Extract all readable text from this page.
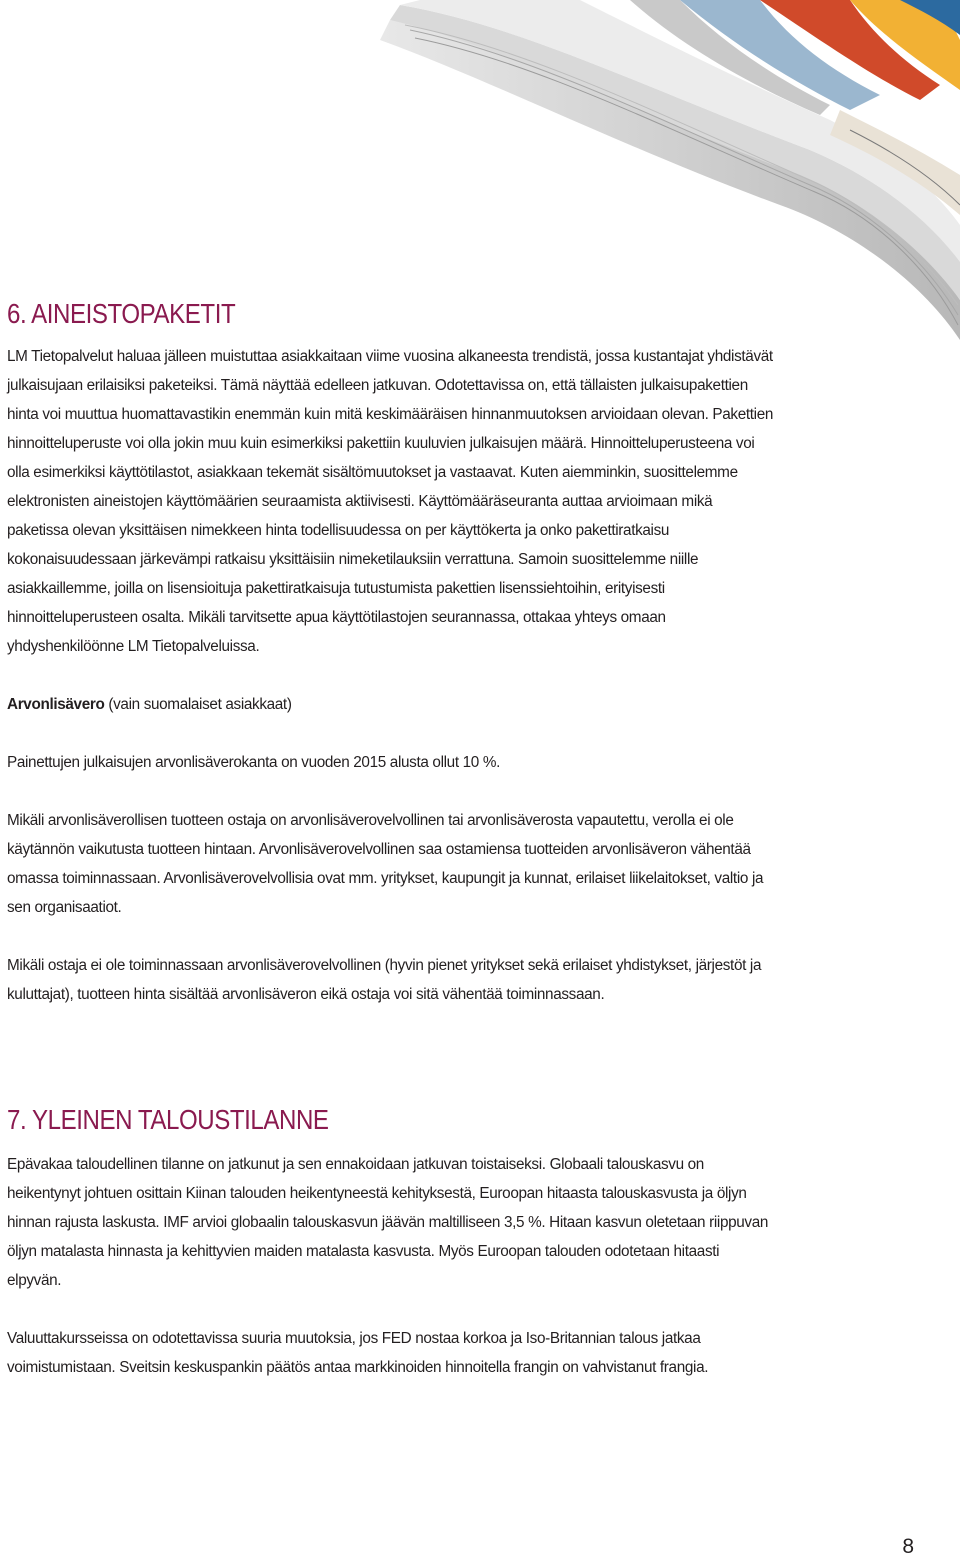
6. AINEISTOPAKETIT

LM Tietopalvelut haluaa jälleen muistuttaa asiakkaitaan viime vuosina alkaneesta trendistä, jossa kustantajat yhdistävät julkaisujaan erilaisiksi paketeiksi. Tämä näyttää edelleen jatkuvan. Odotettavissa on, että tällaisten julkaisupakettien hinta voi muuttua huomattavastikin enemmän kuin mitä keskimääräisen hinnanmuutoksen arvioidaan olevan. Pakettien hinnoitteluperuste voi olla jokin muu kuin esimerkiksi pakettiin kuuluvien julkaisujen määrä. Hinnoitteluperusteena voi olla esimerkiksi käyttötilastot, asiakkaan tekemät sisältömuutokset ja vastaavat. Kuten aiemminkin, suosittelemme elektronisten aineistojen käyttömäärien seuraamista aktiivisesti. Käyttömääräseuranta auttaa arvioimaan mikä paketissa olevan yksittäisen nimekkeen hinta todellisuudessa on per käyttökerta ja onko pakettiratkaisu kokonaisuudessaan järkevämpi ratkaisu yksittäisiin nimeketilauksiin verrattuna. Samoin suosittelemme niille asiakkaillemme, joilla on lisensioituja pakettiratkaisuja tutustumista pakettien lisenssiehtoihin, erityisesti hinnoitteluperusteen osalta. Mikäli tarvitsette apua käyttötilastojen seurannassa, ottakaa yhteys omaan yhdyshenkilöönne LM Tietopalveluissa.

Arvonlisävero (vain suomalaiset asiakkaat)

Painettujen julkaisujen arvonlisäverokanta on vuoden 2015 alusta ollut 10 %.

Mikäli arvonlisäverollisen tuotteen ostaja on arvonlisäverovelvollinen tai arvonlisäverosta vapautettu, verolla ei ole käytännön vaikutusta tuotteen hintaan. Arvonlisäverovelvollinen saa ostamiensa tuotteiden arvonlisäveron vähentää omassa toiminnassaan. Arvonlisäverovelvollisia ovat mm. yritykset, kaupungit ja kunnat, erilaiset liikelaitokset, valtio ja sen organisaatiot.

Mikäli ostaja ei ole toiminnassaan arvonlisäverovelvollinen (hyvin pienet yritykset sekä erilaiset yhdistykset, järjestöt ja kuluttajat), tuotteen hinta sisältää arvonlisäveron eikä ostaja voi sitä vähentää toiminnassaan.

7. YLEINEN TALOUSTILANNE

Epävakaa taloudellinen tilanne on jatkunut ja sen ennakoidaan jatkuvan toistaiseksi. Globaali talouskasvu on heikentynyt johtuen osittain Kiinan talouden heikentyneestä kehityksestä, Euroopan hitaasta talouskasvusta ja öljyn hinnan rajusta laskusta. IMF arvioi globaalin talouskasvun jäävän maltilliseen 3,5 %. Hitaan kasvun oletetaan riippuvan öljyn matalasta hinnasta ja kehittyvien maiden matalasta kasvusta. Myös Euroopan talouden odotetaan hitaasti elpyvän.

Valuuttakursseissa on odotettavissa suuria muutoksia, jos FED nostaa korkoa ja Iso-Britannian talous jatkaa voimistumistaan. Sveitsin keskuspankin päätös antaa markkinoiden hinnoitella frangin on vahvistanut frangia.

8
